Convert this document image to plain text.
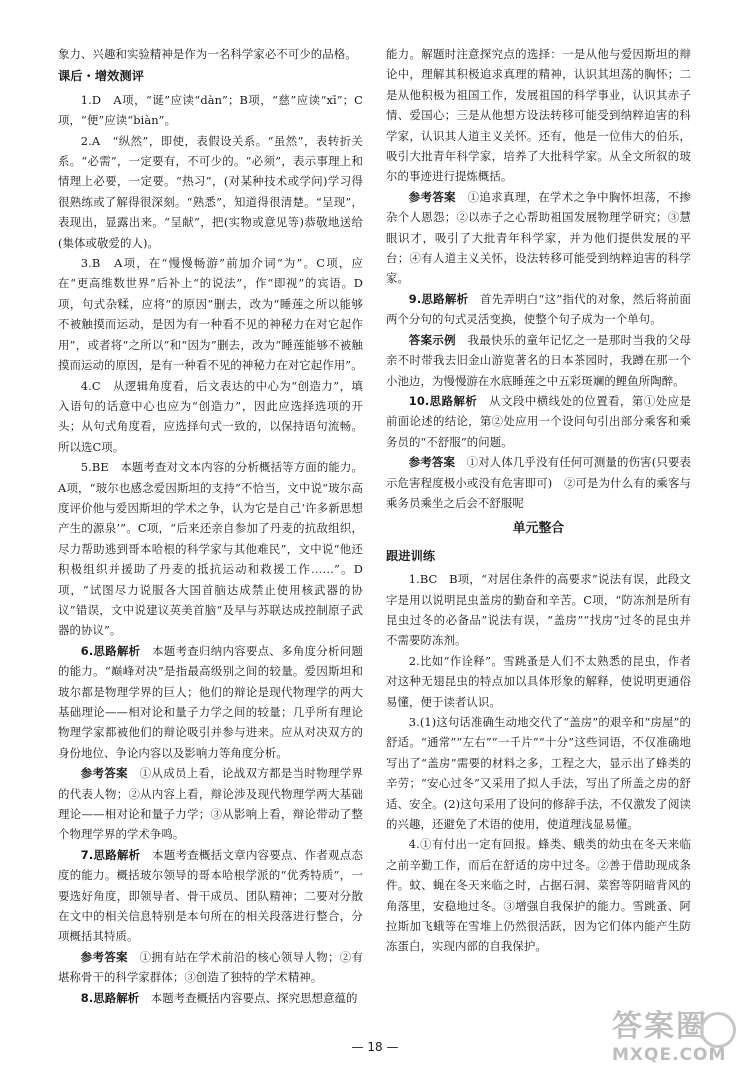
象力、兴趣和实验精神是作为一名科学家必不可少的品格。

课后・增效测评

1.D　A项，“诞”应读“dàn”；B项，“慈”应读“xī”；C项，“便”应读“biàn”。

2.A　“纵然”，即使，表假设关系。“虽然”，表转折关系。“必需”，一定要有，不可少的。“必须”，表示事理上和情理上必要，一定要。“热习”，(对某种技术或学问)学习得很熟练或了解得很深刻。“熟悉”，知道得很清楚。“呈现”，表现出，显露出来。“呈献”，把(实物或意见等)恭敬地送给(集体或敬爱的人)。

3.B　A项，在“慢慢畅游”前加介词“为”。C项，应在“更高维数世界”后补上“的说法”，作“即视”的宾语。D项，句式杂糅，应将“的原因”删去，改为“睡莲之所以能够不被触摸而运动，是因为有一种看不见的神秘力在对它起作用”，或者将“之所以”和“因为”删去，改为“睡莲能够不被触摸而运动的原因，是有一种看不见的神秘力在对它起作用”。

4.C　从逻辑角度看，后文表达的中心为“创造力”，填入语句的话意中心也应为“创造力”，因此应选择选项的开头；从句式角度看，应选择句式一致的，以保持语句流畅。所以选C项。

5.BE　本题考查对文本内容的分析概括等方面的能力。A项，“玻尔也感念爱因斯坦的支持”不恰当，文中说“玻尔高度评价他与爱因斯坦的学术之争，认为它是自己‘许多新思想产生的源泉’”。C项，“后来还亲自参加了丹麦的抗敌组织，尽力帮助逃到哥本哈根的科学家与其他难民”，文中说“他还积极组织并援助了丹麦的抵抗运动和救援工作……”。D项，“试图尽力说服各大国首脑达成禁止使用核武器的协议”错误，文中说建议英美首脑“及早与苏联达成控制原子武器的协议”。

6.思路解析　 本题考查归纳内容要点、多角度分析问题的能力。“巅峰对决”是指最高级别之间的较量。爱因斯坦和玻尔都是物理学界的巨人；他们的辩论是现代物理学的两大基础理论——相对论和量子力学之间的较量；几乎所有理论物理学家都被他们的辩论吸引并参与进来。应从对决双方的身份地位、争论内容以及影响力等角度分析。

参考答案　 ①从成员上看，论战双方都是当时物理学界的代表人物；②从内容上看，辩论涉及现代物理学两大基础理论——相对论和量子力学；③从影响上看，辩论带动了整个物理学界的学术争鸣。

7.思路解析　 本题考查概括文章内容要点、作者观点态度的能力。概括玻尔领导的哥本哈根学派的“优秀特质”，一要选好角度，即领导者、骨干成员、团队精神；二要对分散在文中的相关信息特别是本句所在的相关段落进行整合，分项概括其特质。

参考答案　 ①拥有站在学术前沿的核心领导人物；②有堪称骨干的科学家群体；③创造了独特的学术精神。

8.思路解析　 本题考查概括内容要点、探究思想意蕴的

能力。解题时注意探究点的选择：一是从他与爱因斯坦的辩论中，理解其积极追求真理的精神，认识其坦荡的胸怀；二是从他积极为祖国工作，发展祖国的科学事业，认识其赤子情、爱国心；三是从他想方设法转移可能受到纳粹迫害的科学家，认识其人道主义关怀。还有，他是一位伟大的伯乐，吸引大批青年科学家，培养了大批科学家。从全文所叙的玻尔的事迹进行提炼概括。

参考答案　 ①追求真理，在学术之争中胸怀坦荡，不掺杂个人恩怨；②以赤子之心帮助祖国发展物理学研究；③慧眼识才，吸引了大批青年科学家，并为他们提供发展的平台；④有人道主义关怀，设法转移可能受到纳粹迫害的科学家。

9.思路解析　 首先弄明白“这”指代的对象，然后将前面两个分句的句式灵活变换，使整个句子成为一个单句。

答案示例　 我最快乐的童年记忆之一是那时当我的父母亲不时带我去旧金山游览著名的日本茶园时，我蹲在那一个小池边，为慢慢游在水底睡莲之中五彩斑斓的鲤鱼所陶醉。

10.思路解析　 从文段中横线处的位置看，第①处应是前面论述的结论，第②处应用一个设问句引出部分乘客和乘务员的“不舒服”的问题。

参考答案　 ①对人体几乎没有任何可测量的伤害(只要表示危害程度极小或没有危害即可)　②可是为什么有的乘客与乘务员乘坐之后会不舒服呢

单元整合
跟进训练

1.BC　B项，“对居住条件的高要求”说法有误，此段文字是用以说明昆虫盖房的勤奋和辛苦。C项，“防冻剂是所有昆虫过冬的必备品”说法有误，“盖房”“找房”过冬的昆虫并不需要防冻剂。

2.比如“作诠释”。雪跳蚤是人们不太熟悉的昆虫，作者对这种无翅昆虫的特点加以具体形象的解释，使说明更通俗易懂，便于读者认识。

3.(1)这句话准确生动地交代了“盖房”的艰辛和“房屋”的舒适。“通常”“左右”“一千片”“十分”这些词语，不仅准确地写出了“盖房”需要的材料之多，工程之大，显示出了蜂类的辛劳；“安心过冬”又采用了拟人手法，写出了所盖之房的舒适、安全。(2)这句采用了设问的修辞手法，不仅激发了阅读的兴趣，还避免了术语的使用，使道理浅显易懂。

4.①有付出一定有回报。蜂类、蛾类的幼虫在冬天来临之前辛勤工作，而后在舒适的房中过冬。②善于借助现成条件。蚊、蝇在冬天来临之时，占据石洞、菜窖等阴暗背风的角落里，安稳地过冬。③增强自我保护的能力。雪跳蚤、阿拉斯加飞蛾等在雪堆上仍然很活跃，因为它们体内能产生防冻蛋白，实现内部的自我保护。

— 18 —
答案圈
MXQE.COM
